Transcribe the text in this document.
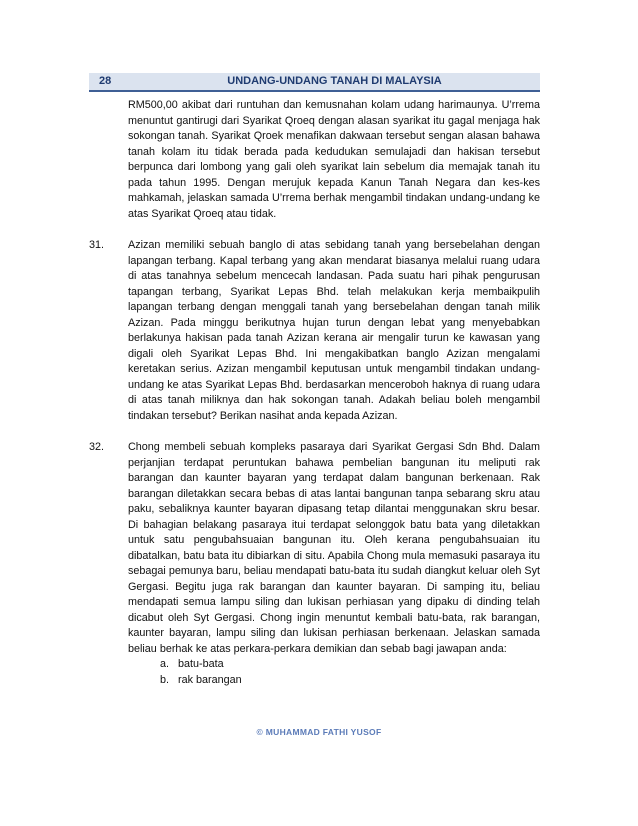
28	UNDANG-UNDANG TANAH DI MALAYSIA

RM500,00 akibat dari runtuhan dan kemusnahan kolam udang harimaunya. U’rrema menuntut gantirugi dari Syarikat Qroeq dengan alasan syarikat itu gagal menjaga hak sokongan tanah. Syarikat Qroek menafikan dakwaan tersebut sengan alasan bahawa tanah kolam itu tidak berada pada kedudukan semulajadi dan hakisan tersebut berpunca dari lombong yang gali oleh syarikat lain sebelum dia memajak tanah itu pada tahun 1995. Dengan merujuk kepada Kanun Tanah Negara dan kes-kes mahkamah, jelaskan samada U’rrema berhak mengambil tindakan undang-undang ke atas Syarikat Qroeq atau tidak.

31.	Azizan memiliki sebuah banglo di atas sebidang tanah yang bersebelahan dengan lapangan terbang. Kapal terbang yang akan mendarat biasanya melalui ruang udara di atas tanahnya sebelum mencecah landasan. Pada suatu hari pihak pengurusan tapangan terbang, Syarikat Lepas Bhd. telah melakukan kerja membaikpulih lapangan terbang dengan menggali tanah yang bersebelahan dengan tanah milik Azizan. Pada minggu berikutnya hujan turun dengan lebat yang menyebabkan berlakunya hakisan pada tanah Azizan kerana air mengalir turun ke kawasan yang digali oleh Syarikat Lepas Bhd. Ini mengakibatkan banglo Azizan mengalami keretakan serius. Azizan mengambil keputusan untuk mengambil tindakan undang-undang ke atas Syarikat Lepas Bhd. berdasarkan menceroboh haknya di ruang udara di atas tanah miliknya dan hak sokongan tanah. Adakah beliau boleh mengambil tindakan tersebut? Berikan nasihat anda kepada Azizan.
32.	Chong membeli sebuah kompleks pasaraya dari Syarikat Gergasi Sdn Bhd. Dalam perjanjian terdapat peruntukan bahawa pembelian bangunan itu meliputi rak barangan dan kaunter bayaran yang terdapat dalam bangunan berkenaan. Rak barangan diletakkan secara bebas di atas lantai bangunan tanpa sebarang skru atau paku, sebaliknya kaunter bayaran dipasang tetap dilantai menggunakan skru besar. Di bahagian belakang pasaraya itui terdapat selonggok batu bata yang diletakkan untuk satu pengubahsuaian bangunan itu. Oleh kerana pengubahsuaian itu dibatalkan, batu bata itu dibiarkan di situ. Apabila Chong mula memasuki pasaraya itu sebagai pemunya baru, beliau mendapati batu-bata itu sudah diangkut keluar oleh Syt Gergasi. Begitu juga rak barangan dan kaunter bayaran. Di samping itu, beliau mendapati semua lampu siling dan lukisan perhiasan yang dipaku di dinding telah dicabut oleh Syt Gergasi. Chong ingin menuntut kembali batu-bata, rak barangan, kaunter bayaran, lampu siling dan lukisan perhiasan berkenaan. Jelaskan samada beliau berhak ke atas perkara-perkara demikian dan sebab bagi jawapan anda:
a. batu-bata
b. rak barangan
© MUHAMMAD FATHI YUSOF
